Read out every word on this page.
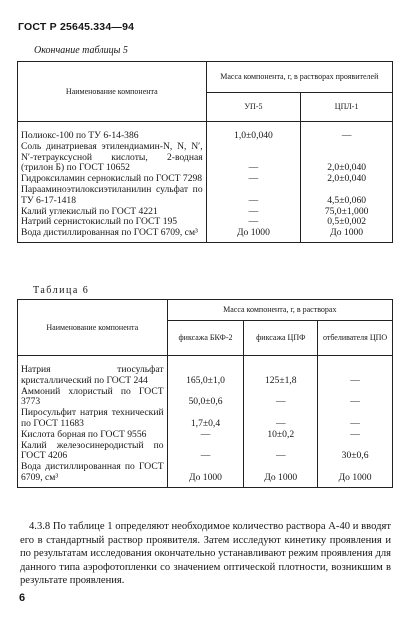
ГОСТ Р 25645.334—94
Окончание таблицы 5
Наименование компонента	Масса компонента, г, в растворах проявителей	
	УП-5	ЦПЛ-1
Полиокс-100 по ТУ 6-14-386	1,0±0,040	—
Соль динатриевая этилендиамин-N, N, N′, N′-тетрауксусной кислоты, 2-водная (трилон Б) по ГОСТ 10652	—	2,0±0,040
Гидроксиламин сернокислый по ГОСТ 7298	—	2,0±0,040
Парааминоэтилоксиэтиланилин сульфат по ТУ 6-17-1418	—	4,5±0,060
Калий углекислый по ГОСТ 4221	—	75,0±1,000
Натрий сернистокислый по ГОСТ 195	—	0,5±0,002
Вода дистиллированная по ГОСТ 6709, см³	До 1000	До 1000
Таблица 6
Наименование компонента	Масса компонента, г, в растворах		
	фиксажа БКФ-2	фиксажа ЦПФ	отбеливателя ЦПО
Натрия тиосульфат кристаллический по ГОСТ 244	165,0±1,0	125±1,8	—
Аммоний хлористый по ГОСТ 3773	50,0±0,6	—	—
Пиросульфит натрия технический по ГОСТ 11683	1,7±0,4	—	—
Кислота борная по ГОСТ 9556	—	10±0,2	—
Калий железосинеродистый по ГОСТ 4206	—	—	30±0,6
Вода дистиллированная по ГОСТ 6709, см³	До 1000	До 1000	До 1000
4.3.8 По таблице 1 определяют необходимое количество раствора А-40 и вводят его в стандартный раствор проявителя. Затем исследуют кинетику проявления и по результатам исследования окончательно устанавливают режим проявления для данного типа аэрофотопленки со значением оптической плотности, возникшим в результате проявления.
6
